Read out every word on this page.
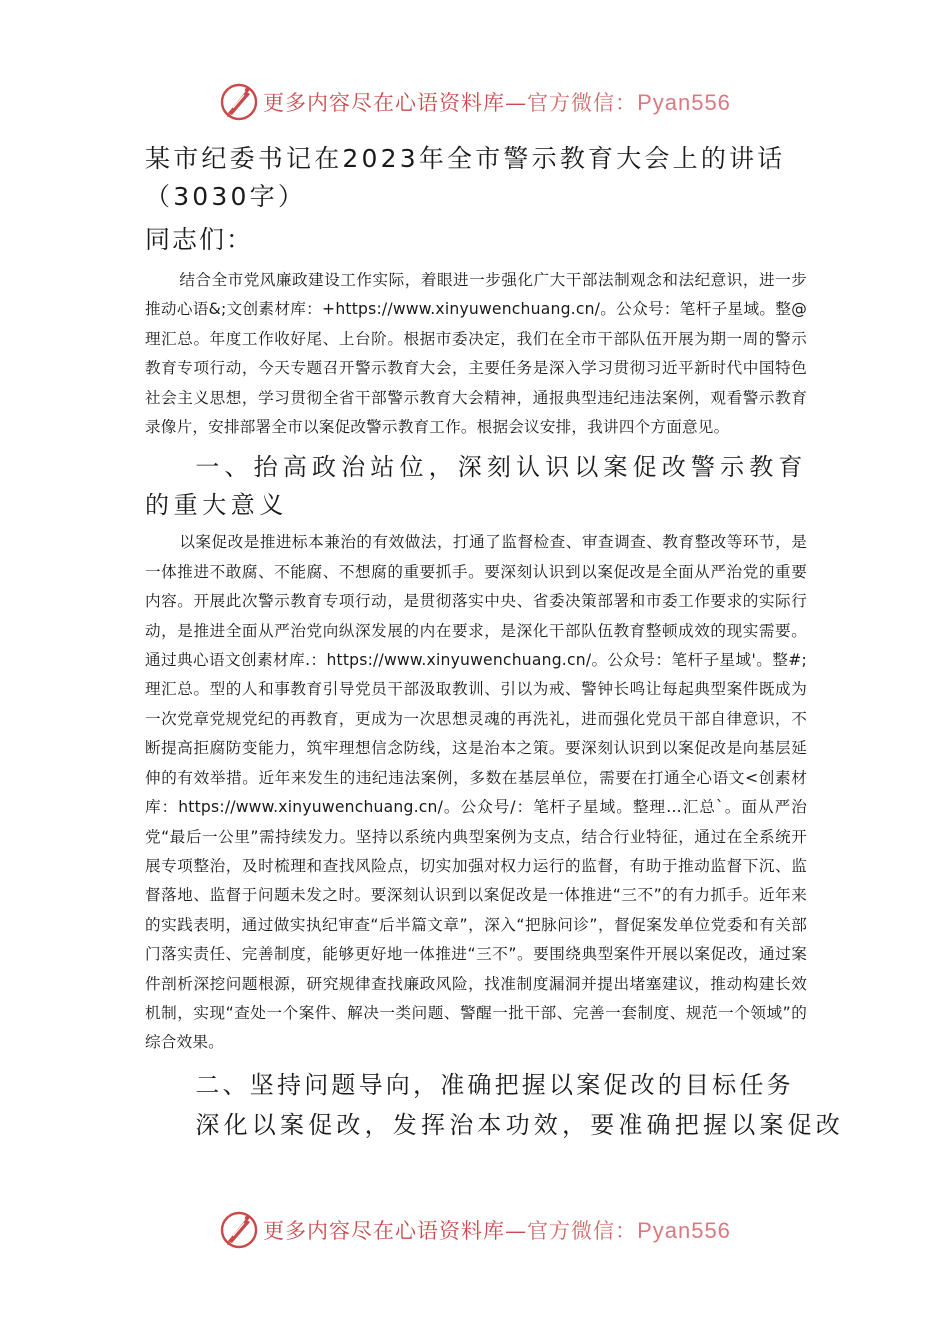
更多内容尽在心语资料库—官方微信：Pyan556
某市纪委书记在2023年全市警示教育大会上的讲话（3030字）
同志们：

结合全市党风廉政建设工作实际，着眼进一步强化广大干部法制观念和法纪意识，进一步推动心语&;文创素材库：+https://www.xinyuwenchuang.cn/。公众号：笔杆子星域。整@理汇总。年度工作收好尾、上台阶。根据市委决定，我们在全市干部队伍开展为期一周的警示教育专项行动，今天专题召开警示教育大会，主要任务是深入学习贯彻习近平新时代中国特色社会主义思想，学习贯彻全省干部警示教育大会精神，通报典型违纪违法案例，观看警示教育录像片，安排部署全市以案促改警示教育工作。根据会议安排，我讲四个方面意见。

一、抬高政治站位，深刻认识以案促改警示教育的重大意义

以案促改是推进标本兼治的有效做法，打通了监督检查、审查调查、教育整改等环节，是一体推进不敢腐、不能腐、不想腐的重要抓手。要深刻认识到以案促改是全面从严治党的重要内容。开展此次警示教育专项行动，是贯彻落实中央、省委决策部署和市委工作要求的实际行动，是推进全面从严治党向纵深发展的内在要求，是深化干部队伍教育整顿成效的现实需要。通过典心语文创素材库.：https://www.xinyuwenchuang.cn/。公众号：笔杆子星域'。整#;理汇总。型的人和事教育引导党员干部汲取教训、引以为戒、警钟长鸣让每起典型案件既成为一次党章党规党纪的再教育，更成为一次思想灵魂的再洗礼，进而强化党员干部自律意识，不断提高拒腐防变能力，筑牢理想信念防线，这是治本之策。要深刻认识到以案促改是向基层延伸的有效举措。近年来发生的违纪违法案例，多数在基层单位，需要在打通全心语文<创素材库：https://www.xinyuwenchuang.cn/。公众号/：笔杆子星域。整理…汇总`。面从严治党“最后一公里”需持续发力。坚持以系统内典型案例为支点，结合行业特征，通过在全系统开展专项整治，及时梳理和查找风险点，切实加强对权力运行的监督，有助于推动监督下沉、监督落地、监督于问题未发之时。要深刻认识到以案促改是一体推进“三不”的有力抓手。近年来的实践表明，通过做实执纪审查“后半篇文章”，深入“把脉问诊”，督促案发单位党委和有关部门落实责任、完善制度，能够更好地一体推进“三不”。要围绕典型案件开展以案促改，通过案件剖析深挖问题根源，研究规律查找廉政风险，找准制度漏洞并提出堵塞建议，推动构建长效机制，实现“查处一个案件、解决一类问题、警醒一批干部、完善一套制度、规范一个领域”的综合效果。

二、坚持问题导向，准确把握以案促改的目标任务

深化以案促改，发挥治本功效，要准确把握以案促改

更多内容尽在心语资料库—官方微信：Pyan556
